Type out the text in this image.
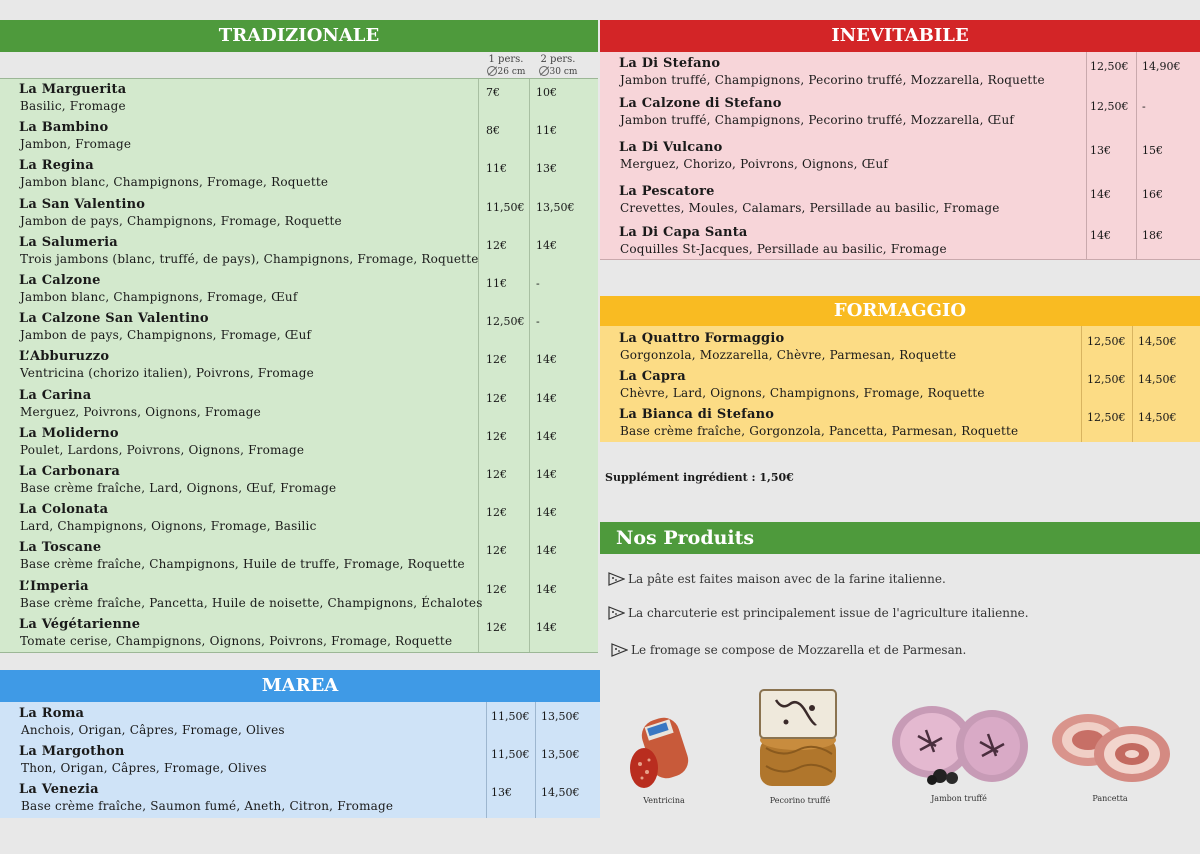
TRADIZIONALE
1 pers.
26 cm
2 pers.
30 cm
La Marguerita
Basilic, Fromage
7€	10€
La Bambino
Jambon, Fromage
8€	11€
La Regina
Jambon blanc, Champignons, Fromage, Roquette
11€	13€
La San Valentino
Jambon de pays, Champignons, Fromage, Roquette
11,50€ 13,50€
La Salumeria
Trois jambons (blanc, truffé, de pays), Champignons, Fromage, Roquette
12€	14€
La Calzone
Jambon blanc, Champignons, Fromage, Œuf
11€	-
La Calzone San Valentino
Jambon de pays, Champignons, Fromage, Œuf
12,50€ -
L’Abburuzzo
Ventricina (chorizo italien), Poivrons, Fromage
12€	14€
La Carina
Merguez, Poivrons, Oignons, Fromage
12€	14€
La Moliderno
Poulet, Lardons, Poivrons, Oignons, Fromage
12€	14€
La Carbonara
Base crème fraîche, Lard, Oignons, Œuf, Fromage
12€	14€
La Colonata
Lard, Champignons, Oignons, Fromage, Basilic
12€	14€
La Toscane
Base crème fraîche, Champignons, Huile de truffe, Fromage, Roquette
12€	14€
L’Imperia
Base crème fraîche, Pancetta, Huile de noisette, Champignons, Échalotes
12€	14€
La Végétarienne
Tomate cerise, Champignons, Oignons, Poivrons, Fromage, Roquette
12€	14€
MAREA
La Roma
Anchois, Origan, Câpres, Fromage, Olives
11,50€ 13,50€
La Margothon
Thon, Origan, Câpres, Fromage, Olives
11,50€ 13,50€
La Venezia
Base crème fraîche, Saumon fumé, Aneth, Citron, Fromage
13€	14,50€
INEVITABILE
La Di Stefano
Jambon truffé, Champignons, Pecorino truffé, Mozzarella, Roquette
12,50€ 14,90€
La Calzone di Stefano
Jambon truffé, Champignons, Pecorino truffé, Mozzarella, Œuf
12,50€ -
La Di Vulcano
Merguez, Chorizo, Poivrons, Oignons, Œuf
13€	15€
La Pescatore
Crevettes, Moules, Calamars, Persillade au basilic, Fromage
14€	16€
La Di Capa Santa
Coquilles St-Jacques, Persillade au basilic, Fromage
14€	18€
FORMAGGIO
La Quattro Formaggio
Gorgonzola, Mozzarella, Chèvre, Parmesan, Roquette
12,50€ 14,50€
La Capra
Chèvre, Lard, Oignons, Champignons, Fromage, Roquette
12,50€ 14,50€
La Bianca di Stefano
Base crème fraîche, Gorgonzola, Pancetta, Parmesan, Roquette
12,50€ 14,50€
Supplément ingrédient : 1,50€
Nos Produits
La pâte est faites maison avec de la farine italienne.
La charcuterie est principalement issue de l'agriculture italienne.
Le fromage se compose de Mozzarella et de Parmesan.
Ventricina	Pecorino truffé	Jambon truffé	Pancetta
